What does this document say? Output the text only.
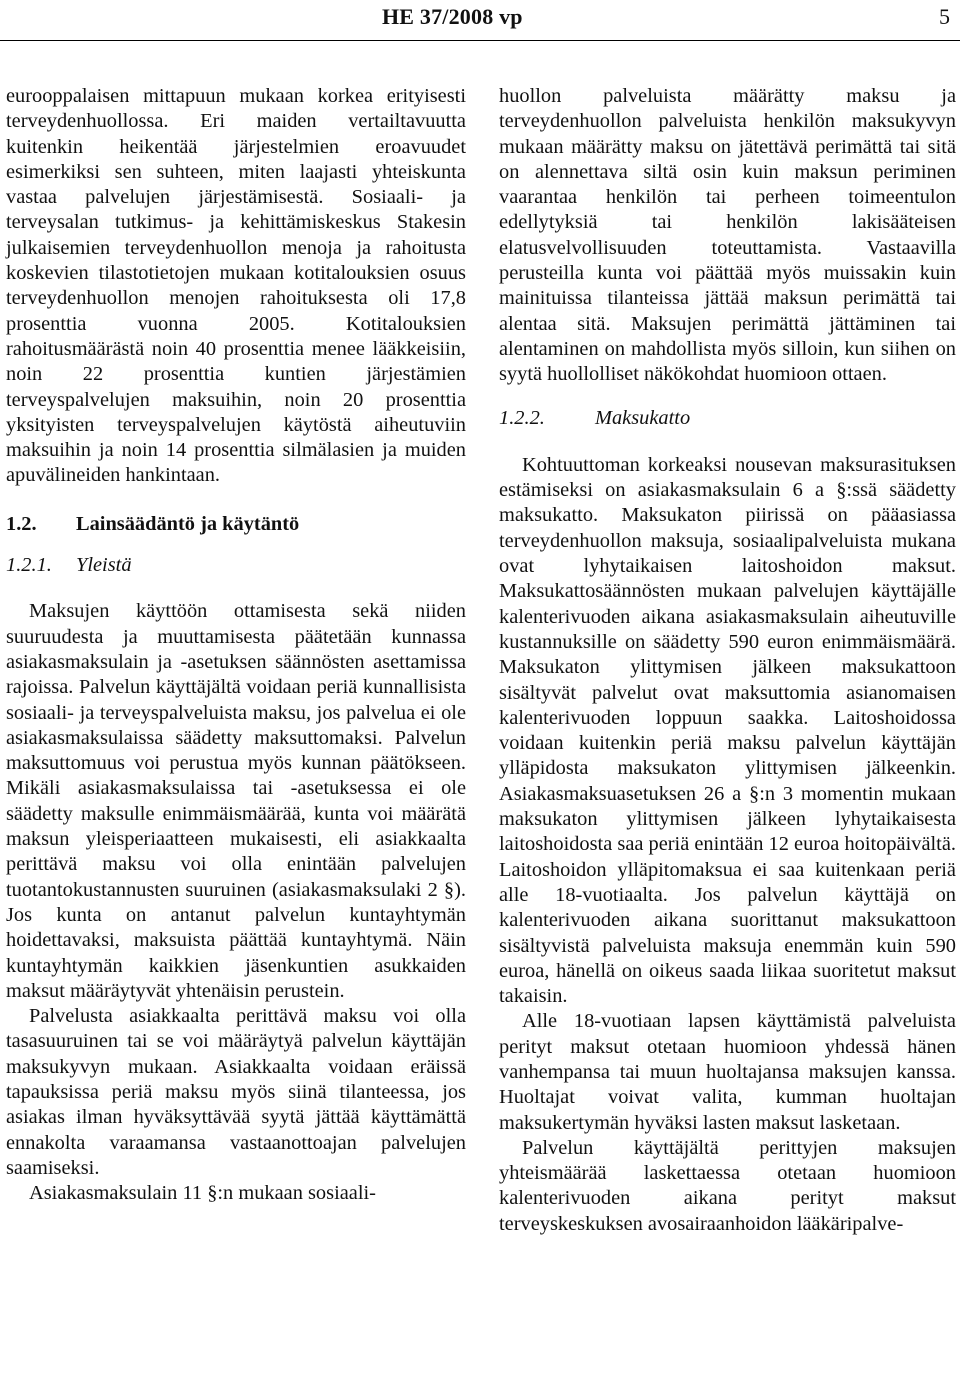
HE 37/2008 vp	5

eurooppalaisen mittapuun mukaan korkea erityisesti terveydenhuollossa. Eri maiden vertailtavuutta kuitenkin heikentää järjestelmien eroavuudet esimerkiksi sen suhteen, miten laajasti yhteiskunta vastaa palvelujen järjestämisestä. Sosiaali- ja terveysalan tutkimus- ja kehittämiskeskus Stakesin julkaisemien terveydenhuollon menoja ja rahoitusta koskevien tilastotietojen mukaan kotitalouksien osuus terveydenhuollon menojen rahoituksesta oli 17,8 prosenttia vuonna 2005. Kotitalouksien rahoitusmäärästä noin 40 prosenttia menee lääkkeisiin, noin 22 prosenttia kuntien järjestämien terveyspalvelujen maksuihin, noin 20 prosenttia yksityisten terveyspalvelujen käytöstä aiheutuviin maksuihin ja noin 14 prosenttia silmälasien ja muiden apuvälineiden hankintaan.

1.2.	Lainsäädäntö ja käytäntö
1.2.1.	Yleistä

Maksujen käyttöön ottamisesta sekä niiden suuruudesta ja muuttamisesta päätetään kunnassa asiakasmaksulain ja -asetuksen säännösten asettamissa rajoissa. Palvelun käyttäjältä voidaan periä kunnallisista sosiaali- ja terveyspalveluista maksu, jos palvelua ei ole asiakasmaksulaissa säädetty maksuttomaksi. Palvelun maksuttomuus voi perustua myös kunnan päätökseen. Mikäli asiakasmaksulaissa tai -asetuksessa ei ole säädetty maksulle enimmäismäärää, kunta voi määrätä maksun yleisperiaatteen mukaisesti, eli asiakkaalta perittävä maksu voi olla enintään palvelujen tuotantokustannusten suuruinen (asiakasmaksulaki 2 §). Jos kunta on antanut palvelun kuntayhtymän hoidettavaksi, maksuista päättää kuntayhtymä. Näin kuntayhtymän kaikkien jäsenkuntien asukkaiden maksut määräytyvät yhtenäisin perustein.

Palvelusta asiakkaalta perittävä maksu voi olla tasasuuruinen tai se voi määräytyä palvelun käyttäjän maksukyvyn mukaan. Asiakkaalta voidaan eräissä tapauksissa periä maksu myös siinä tilanteessa, jos asiakas ilman hyväksyttävää syytä jättää käyttämättä ennakolta varaamansa vastaanottoajan palvelujen saamiseksi.

Asiakasmaksulain 11 §:n mukaan sosiaali-

huollon palveluista määrätty maksu ja terveydenhuollon palveluista henkilön maksukyvyn mukaan määrätty maksu on jätettävä perimättä tai sitä on alennettava siltä osin kuin maksun periminen vaarantaa henkilön tai perheen toimeentulon edellytyksiä tai henkilön lakisääteisen elatusvelvollisuuden toteuttamista. Vastaavilla perusteilla kunta voi päättää myös muissakin kuin mainituissa tilanteissa jättää maksun perimättä tai alentaa sitä. Maksujen perimättä jättäminen tai alentaminen on mahdollista myös silloin, kun siihen on syytä huollolliset näkökohdat huomioon ottaen.

1.2.2.	Maksukatto

Kohtuuttoman korkeaksi nousevan maksurasituksen estämiseksi on asiakasmaksulain 6 a §:ssä säädetty maksukatto. Maksukaton piirissä on pääasiassa terveydenhuollon maksuja, sosiaalipalveluista mukana ovat lyhytaikaisen laitoshoidon maksut. Maksukattosäännösten mukaan palvelujen käyttäjälle kalenterivuoden aikana asiakasmaksulain aiheutuville kustannuksille on säädetty 590 euron enimmäismäärä. Maksukaton ylittymisen jälkeen maksukattoon sisältyvät palvelut ovat maksuttomia asianomaisen kalenterivuoden loppuun saakka. Laitoshoidossa voidaan kuitenkin periä maksu palvelun käyttäjän ylläpidosta maksukaton ylittymisen jälkeenkin. Asiakasmaksuasetuksen 26 a §:n 3 momentin mukaan maksukaton ylittymisen jälkeen lyhytaikaisesta laitoshoidosta saa periä enintään 12 euroa hoitopäivältä. Laitoshoidon ylläpitomaksua ei saa kuitenkaan periä alle 18-vuotiaalta. Jos palvelun käyttäjä on kalenterivuoden aikana suorittanut maksukattoon sisältyvistä palveluista maksuja enemmän kuin 590 euroa, hänellä on oikeus saada liikaa suoritetut maksut takaisin.

Alle 18-vuotiaan lapsen käyttämistä palveluista perityt maksut otetaan huomioon yhdessä hänen vanhempansa tai muun huoltajansa maksujen kanssa. Huoltajat voivat valita, kumman huoltajan maksukertymän hyväksi lasten maksut lasketaan.

Palvelun käyttäjältä perittyjen maksujen yhteismäärää laskettaessa otetaan huomioon kalenterivuoden aikana perityt maksut terveyskeskuksen avosairaanhoidon lääkäripalve-
